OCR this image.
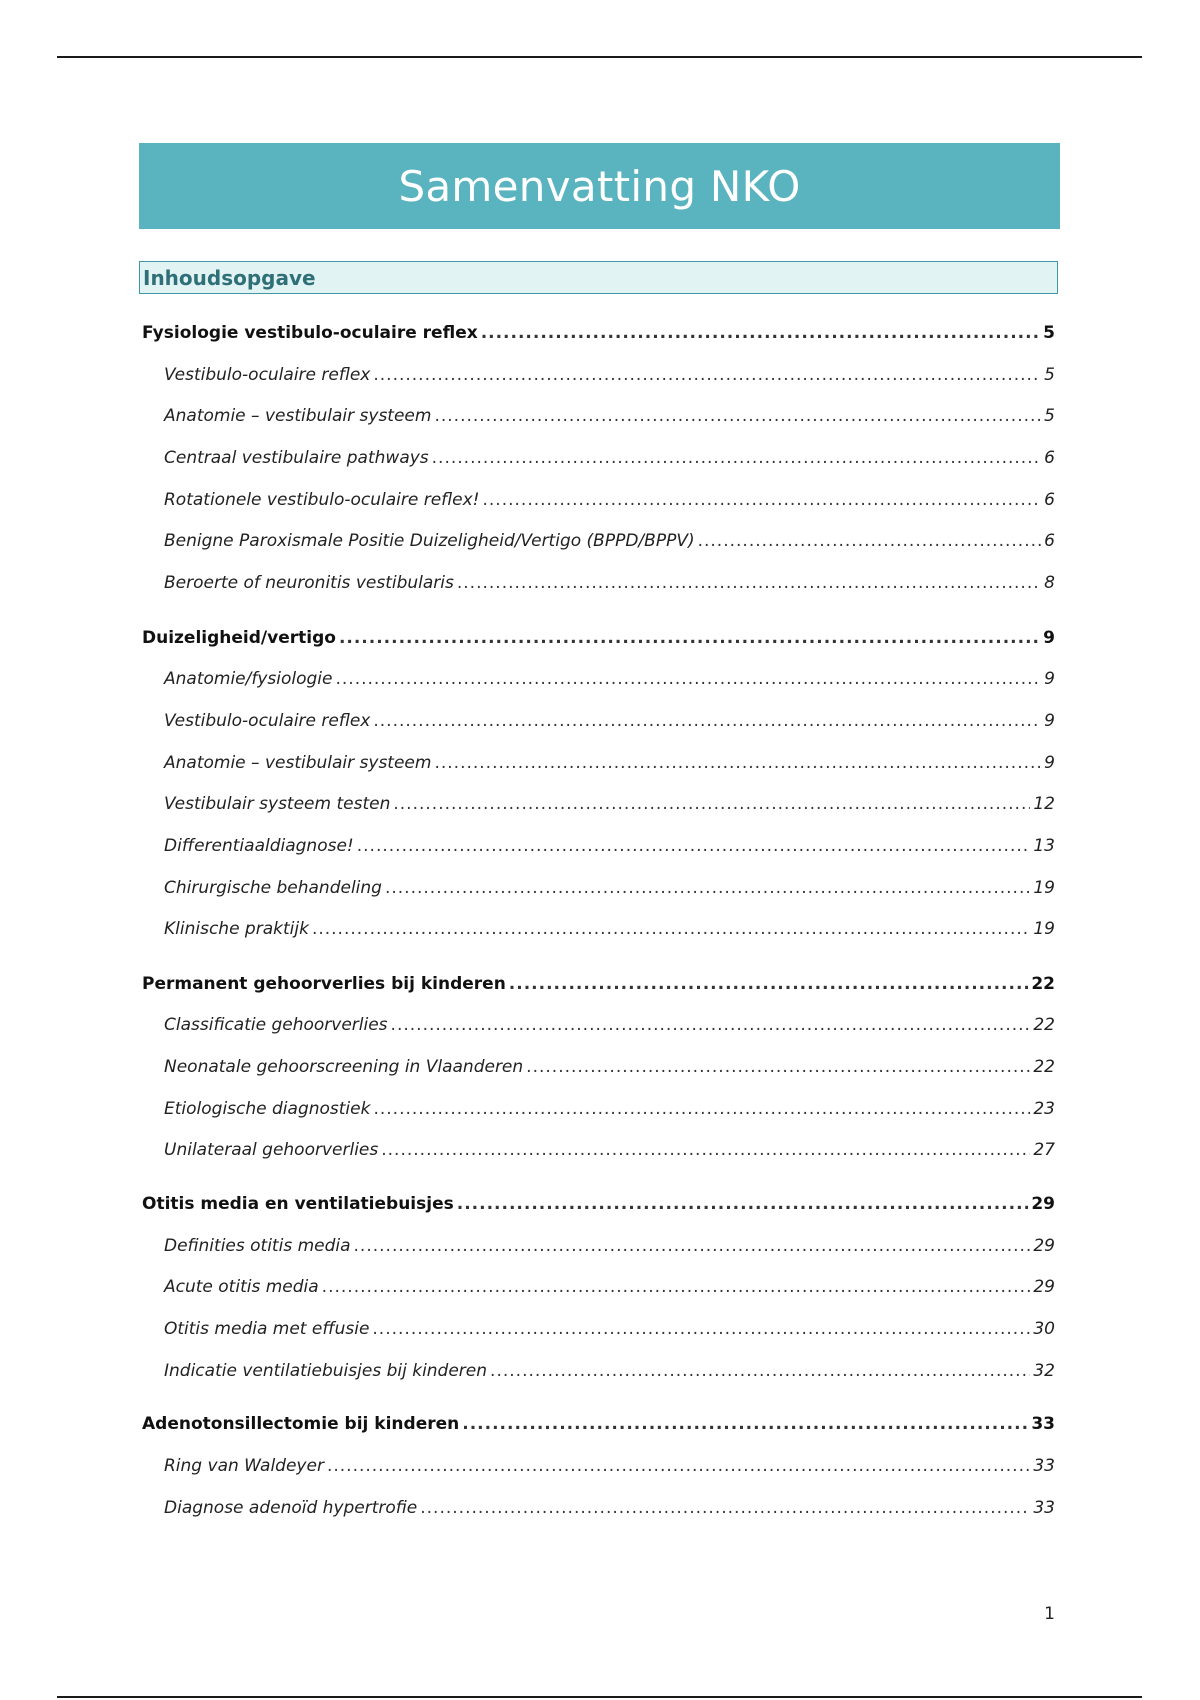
Samenvatting NKO
Inhoudsopgave
Fysiologie vestibulo-oculaire reflex .....	5
Vestibulo-oculaire reflex .....	5
Anatomie – vestibulair systeem .....	5
Centraal vestibulaire pathways .....	6
Rotationele vestibulo-oculaire reflex! .....	6
Benigne Paroxismale Positie Duizeligheid/Vertigo (BPPD/BPPV) .....	6
Beroerte of neuronitis vestibularis .....	8
Duizeligheid/vertigo .....	9
Anatomie/fysiologie .....	9
Vestibulo-oculaire reflex .....	9
Anatomie – vestibulair systeem .....	9
Vestibulair systeem testen .....	12
Differentiaaldiagnose! .....	13
Chirurgische behandeling .....	19
Klinische praktijk .....	19
Permanent gehoorverlies bij kinderen .....	22
Classificatie gehoorverlies .....	22
Neonatale gehoorscreening in Vlaanderen .....	22
Etiologische diagnostiek .....	23
Unilateraal gehoorverlies .....	27
Otitis media en ventilatiebuisjes .....	29
Definities otitis media .....	29
Acute otitis media .....	29
Otitis media met effusie .....	30
Indicatie ventilatiebuisjes bij kinderen .....	32
Adenotonsillectomie bij kinderen .....	33
Ring van Waldeyer .....	33
Diagnose adenoïd hypertrofie .....	33
1
